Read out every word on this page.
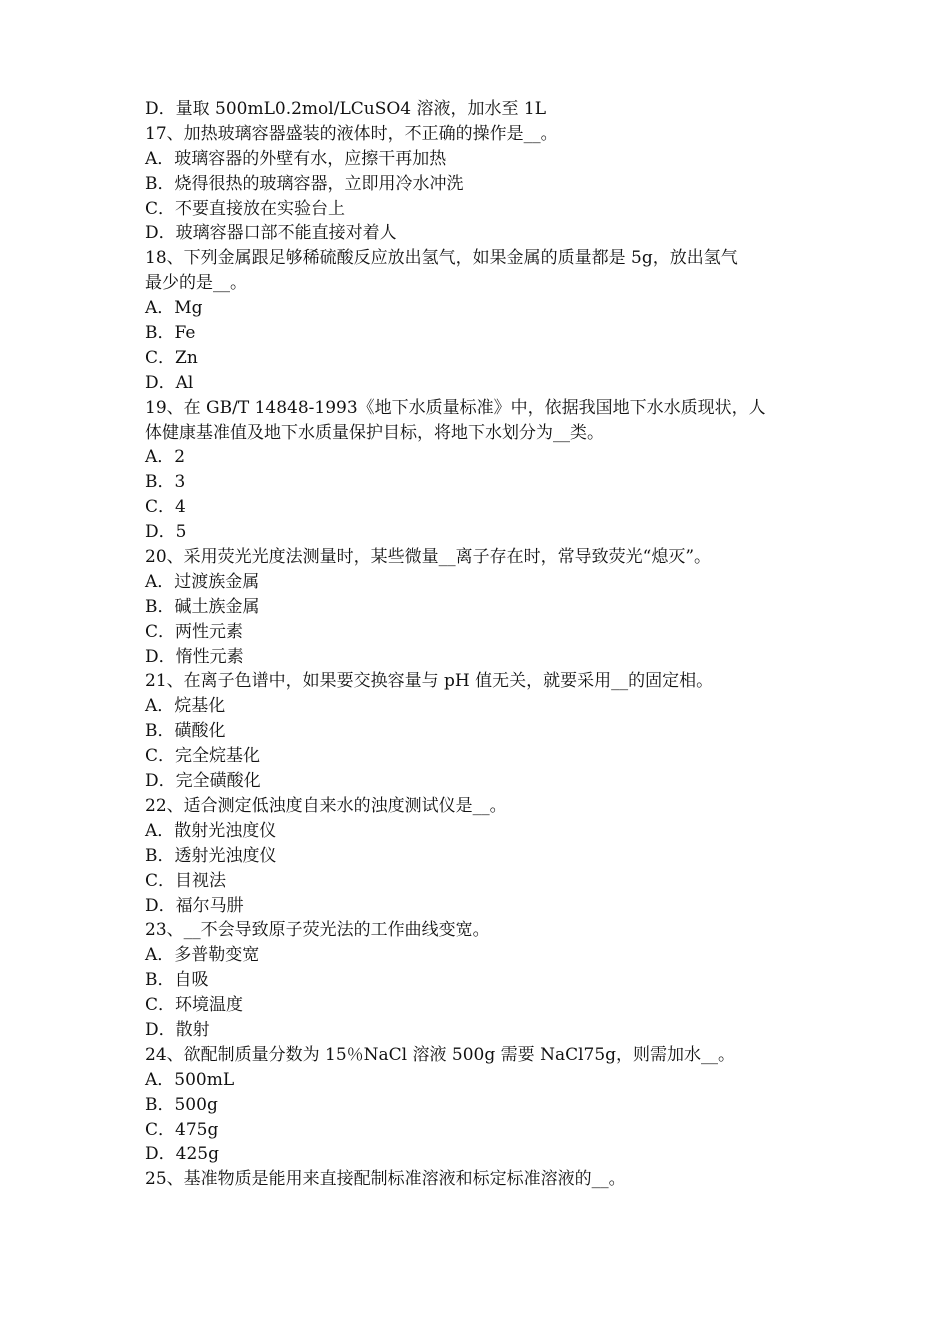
D．量取 500mL0.2mol/LCuSO4 溶液，加水至 1L
17、加热玻璃容器盛装的液体时，不正确的操作是__。
A．玻璃容器的外壁有水，应擦干再加热
B．烧得很热的玻璃容器，立即用冷水冲洗
C．不要直接放在实验台上
D．玻璃容器口部不能直接对着人
18、下列金属跟足够稀硫酸反应放出氢气，如果金属的质量都是 5g，放出氢气
最少的是__。
A．Mg
B．Fe
C．Zn
D．Al
19、在 GB/T 14848-1993《地下水质量标准》中，依据我国地下水水质现状，人
体健康基准值及地下水质量保护目标，将地下水划分为__类。
A．2
B．3
C．4
D．5
20、采用荧光光度法测量时，某些微量__离子存在时，常导致荧光“熄灭”。
A．过渡族金属
B．碱土族金属
C．两性元素
D．惰性元素
21、在离子色谱中，如果要交换容量与 pH 值无关，就要采用__的固定相。
A．烷基化
B．磺酸化
C．完全烷基化
D．完全磺酸化
22、适合测定低浊度自来水的浊度测试仪是__。
A．散射光浊度仪
B．透射光浊度仪
C．目视法
D．福尔马肼
23、__不会导致原子荧光法的工作曲线变宽。
A．多普勒变宽
B．自吸
C．环境温度
D．散射
24、欲配制质量分数为 15％NaCl 溶液 500g 需要 NaCl75g，则需加水__。
A．500mL
B．500g
C．475g
D．425g
25、基准物质是能用来直接配制标准溶液和标定标准溶液的__。
